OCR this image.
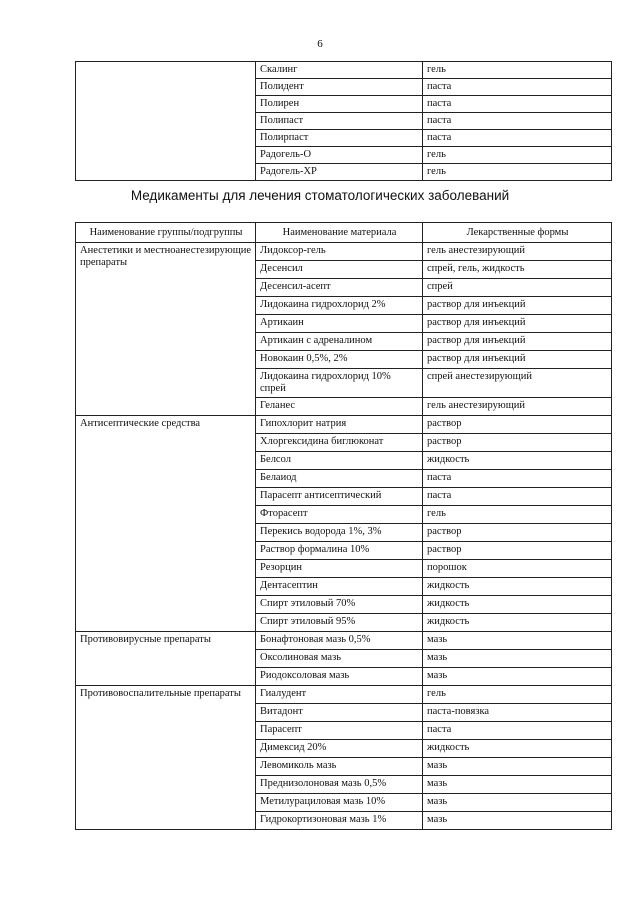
6
	Скалинг	гель
	Полидент	паста
	Полирен	паста
	Полипаст	паста
	Полирпаст	паста
	Радогель-О	гель
	Радогель-ХР	гель
Медикаменты для лечения стоматологических заболеваний
Наименование группы/подгруппы	Наименование материала	Лекарственные формы
Анестетики и местноанестезирующие препараты	Лидоксор-гель	гель анестезирующий
	Десенсил	спрей, гель, жидкость
	Десенсил-асепт	спрей
	Лидокаина гидрохлорид 2%	раствор для инъекций
	Артикаин	раствор для инъекций
	Артикаин с адреналином	раствор для инъекций
	Новокаин 0,5%, 2%	раствор для инъекций
	Лидокаина гидрохлорид 10% спрей	спрей анестезирующий
	Геланес	гель анестезирующий
Антисептические средства	Гипохлорит натрия	раствор
	Хлоргексидина биглюконат	раствор
	Белсол	жидкость
	Белаиод	паста
	Парасепт антисептический	паста
	Фторасепт	гель
	Перекись водорода 1%, 3%	раствор
	Раствор формалина 10%	раствор
	Резорцин	порошок
	Дентасептин	жидкость
	Спирт этиловый 70%	жидкость
	Спирт этиловый 95%	жидкость
Противовирусные препараты	Бонафтоновая мазь 0,5%	мазь
	Оксолиновая мазь	мазь
	Риодоксоловая мазь	мазь
Противовоспалительные препараты	Гиалудент	гель
	Витадонт	паста-повязка
	Парасепт	паста
	Димексид 20%	жидкость
	Левомиколь мазь	мазь
	Преднизолоновая мазь 0,5%	мазь
	Метилурациловая мазь 10%	мазь
	Гидрокортизоновая мазь 1%	мазь
